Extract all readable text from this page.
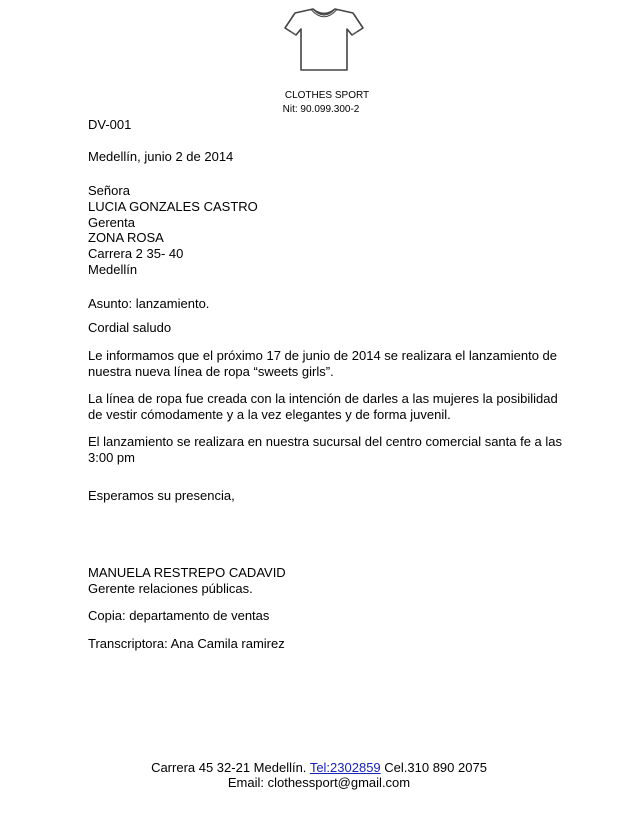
CLOTHES SPORT
Nit: 90.099.300-2
DV-001
Medellín, junio 2 de 2014
Señora
LUCIA GONZALES CASTRO
Gerenta
ZONA ROSA
Carrera 2 35- 40
Medellín
Asunto: lanzamiento.
Cordial saludo
Le informamos que el próximo 17 de junio de 2014 se realizara el lanzamiento de
nuestra nueva línea de ropa “sweets girls”.
La línea de ropa fue creada con la intención de darles a las mujeres la posibilidad
de vestir cómodamente y a la vez elegantes y de forma juvenil.
El lanzamiento se realizara en nuestra sucursal del centro comercial santa fe a las
3:00 pm
Esperamos su presencia,
MANUELA RESTREPO CADAVID
Gerente relaciones públicas.
Copia: departamento de ventas
Transcriptora: Ana Camila ramirez
Carrera 45 32-21 Medellín. Tel:2302859 Cel.310 890 2075
Email: clothessport@gmail.com
